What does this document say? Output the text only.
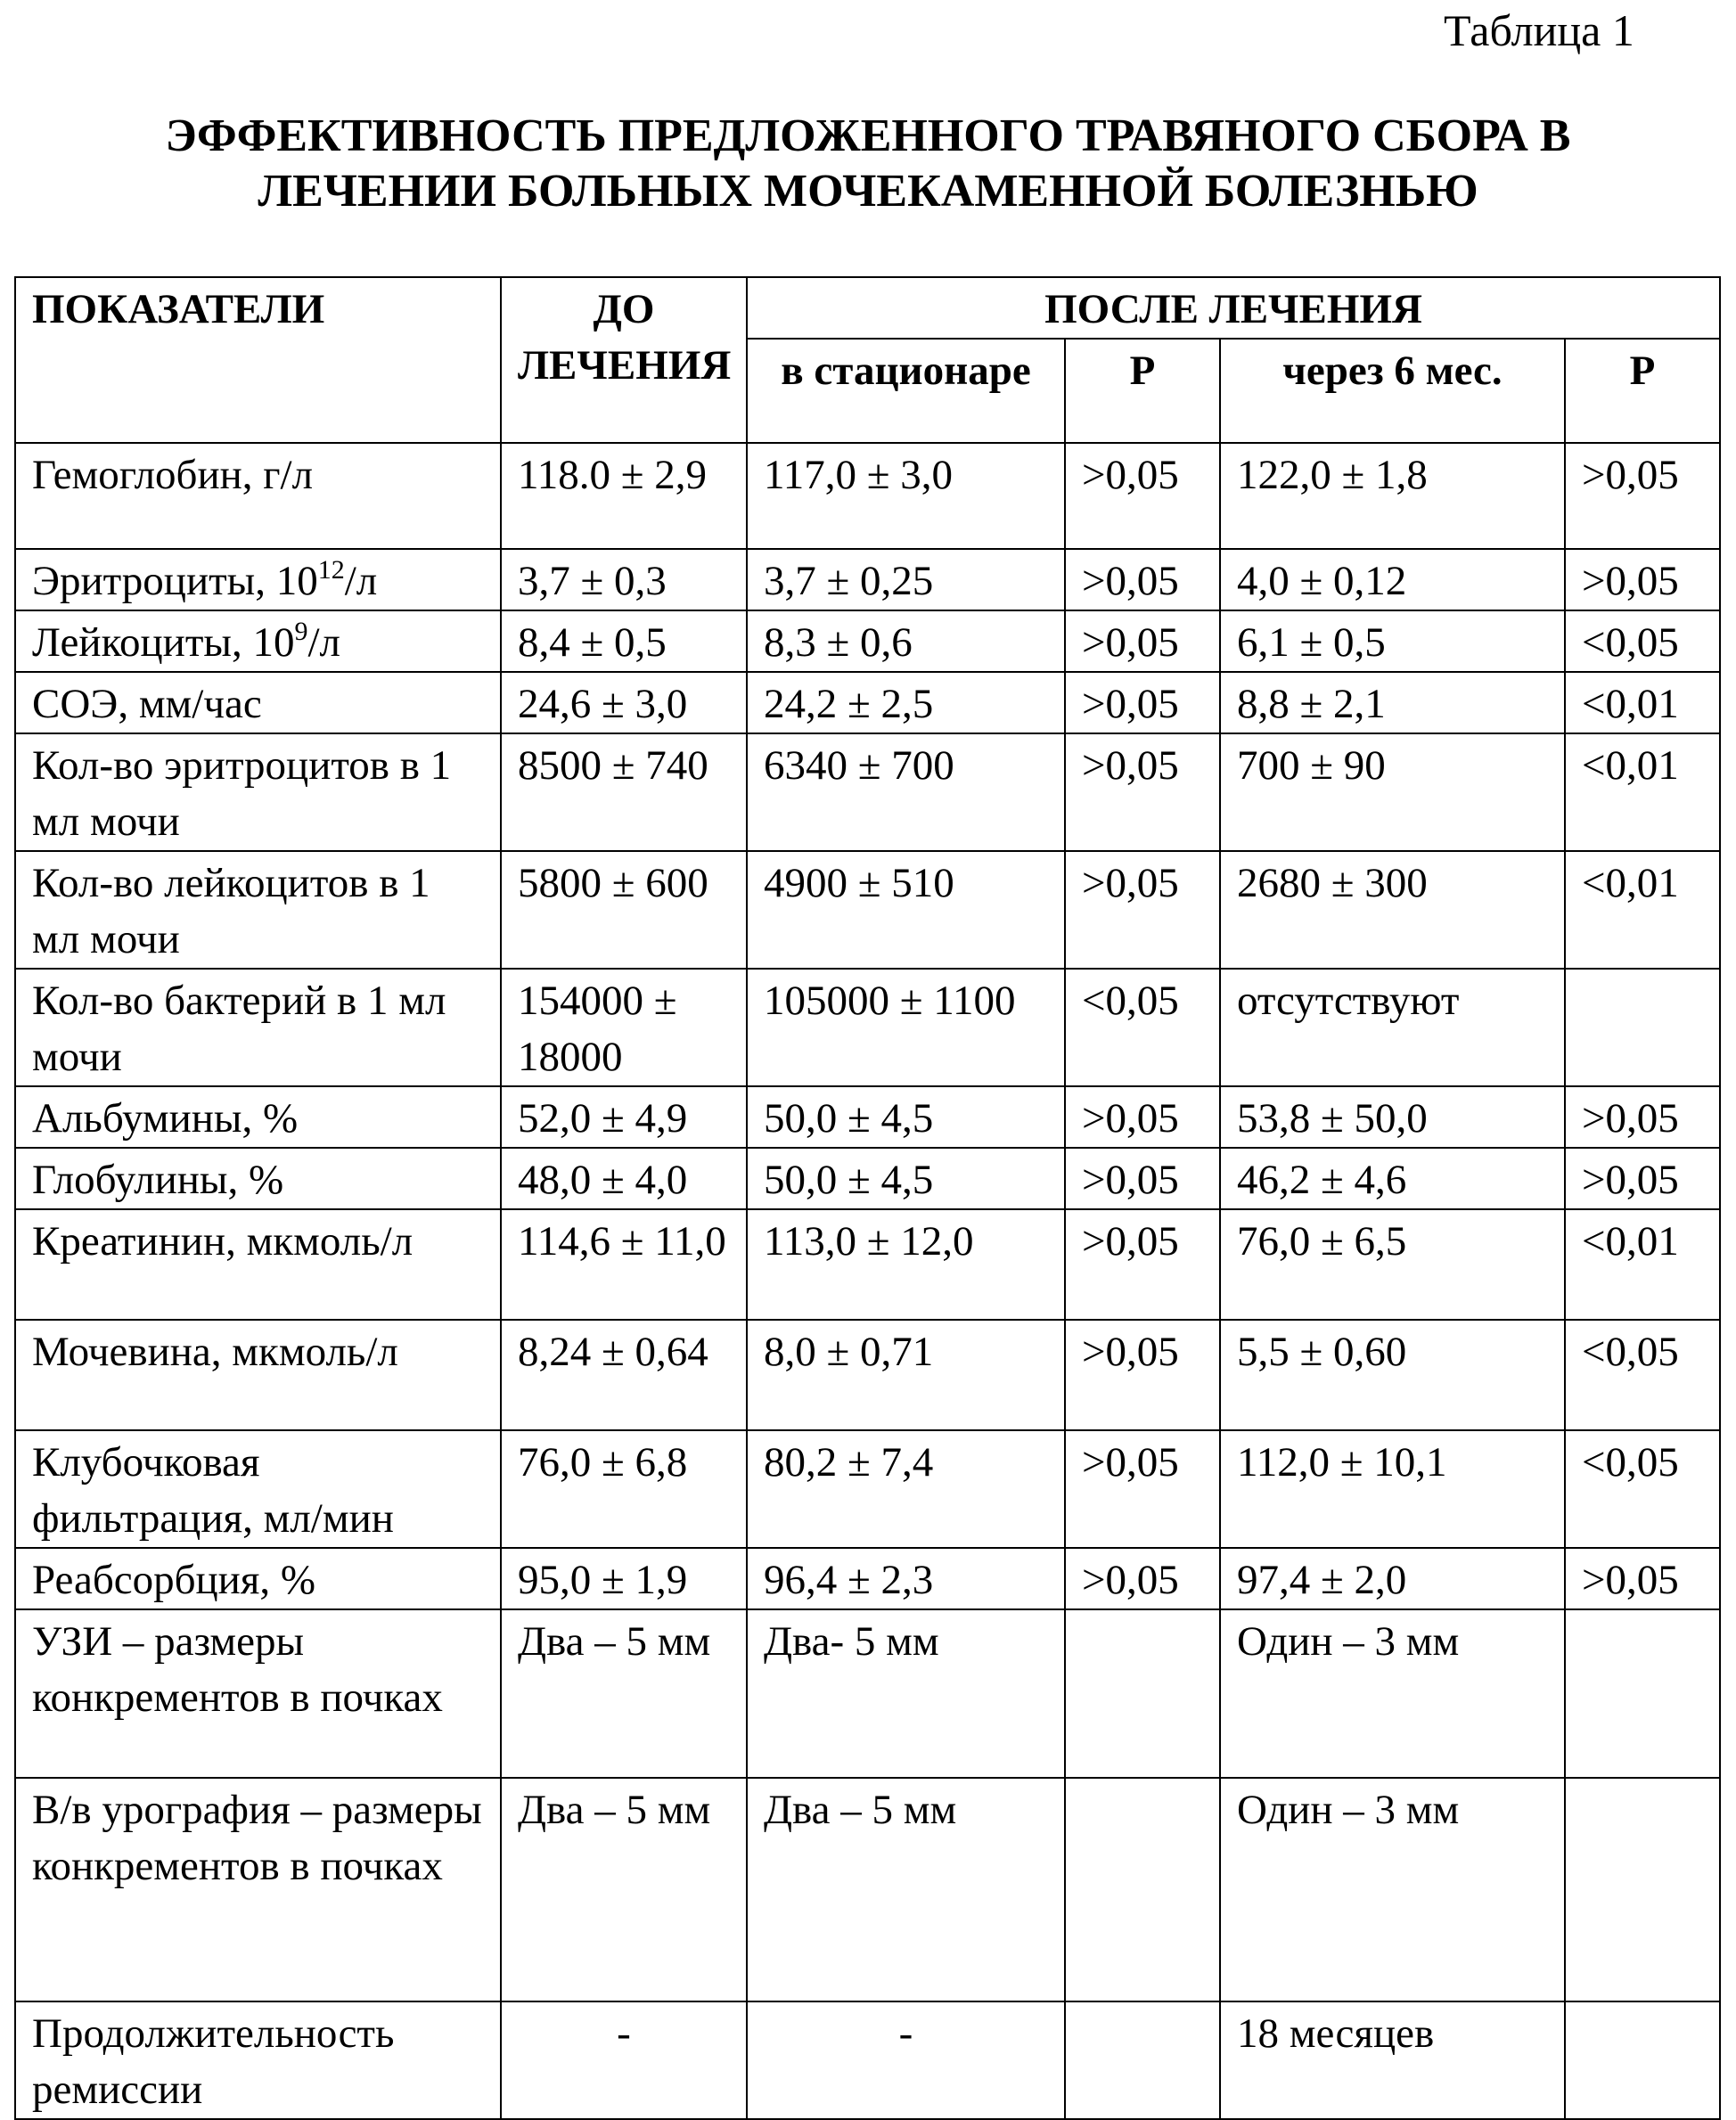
Таблица 1
ЭФФЕКТИВНОСТЬ ПРЕДЛОЖЕННОГО ТРАВЯНОГО СБОРА В
ЛЕЧЕНИИ БОЛЬНЫХ МОЧЕКАМЕННОЙ БОЛЕЗНЬЮ
ПОКАЗАТЕЛИ	ДО ЛЕЧЕНИЯ	ПОСЛЕ ЛЕЧЕНИЯ			
		в стационаре	Р	через 6 мес.	Р
Гемоглобин, г/л	118.0 ± 2,9	117,0 ± 3,0	>0,05	122,0 ± 1,8	>0,05
Эритроциты, $10^{12}/л$	3,7 ± 0,3	3,7 ± 0,25	>0,05	4,0 ± 0,12	>0,05
Лейкоциты, $10^9/л$	8,4 ± 0,5	8,3 ± 0,6	>0,05	6,1 ± 0,5	<0,05
СОЭ, мм/час	24,6 ± 3,0	24,2 ± 2,5	>0,05	8,8 ± 2,1	<0,01
Кол-во эритроцитов в 1 мл мочи	8500 ± 740	6340 ± 700	>0,05	700 ± 90	<0,01
Кол-во лейкоцитов в 1 мл мочи	5800 ± 600	4900 ± 510	>0,05	2680 ± 300	<0,01
Кол-во бактерий в 1 мл мочи	154000 ± 18000	105000 ± 1100	<0,05	отсутствуют	
Альбумины, %	52,0 ± 4,9	50,0 ± 4,5	>0,05	53,8 ± 50,0	>0,05
Глобулины, %	48,0 ± 4,0	50,0 ± 4,5	>0,05	46,2 ± 4,6	>0,05
Креатинин, мкмоль/л	114,6 ± 11,0	113,0 ± 12,0	>0,05	76,0 ± 6,5	<0,01
Мочевина, мкмоль/л	8,24 ± 0,64	8,0 ± 0,71	>0,05	5,5 ± 0,60	<0,05
Клубочковая фильтрация, мл/мин	76,0 ± 6,8	80,2 ± 7,4	>0,05	112,0 ± 10,1	<0,05
Реабсорбция, %	95,0 ± 1,9	96,4 ± 2,3	>0,05	97,4 ± 2,0	>0,05
УЗИ – размеры конкрементов в почках	Два – 5 мм	Два- 5 мм		Один – 3 мм	
В/в урография – размеры конкрементов в почках	Два – 5 мм	Два – 5 мм		Один – 3 мм	
Продолжительность ремиссии	-	-		18 месяцев	
